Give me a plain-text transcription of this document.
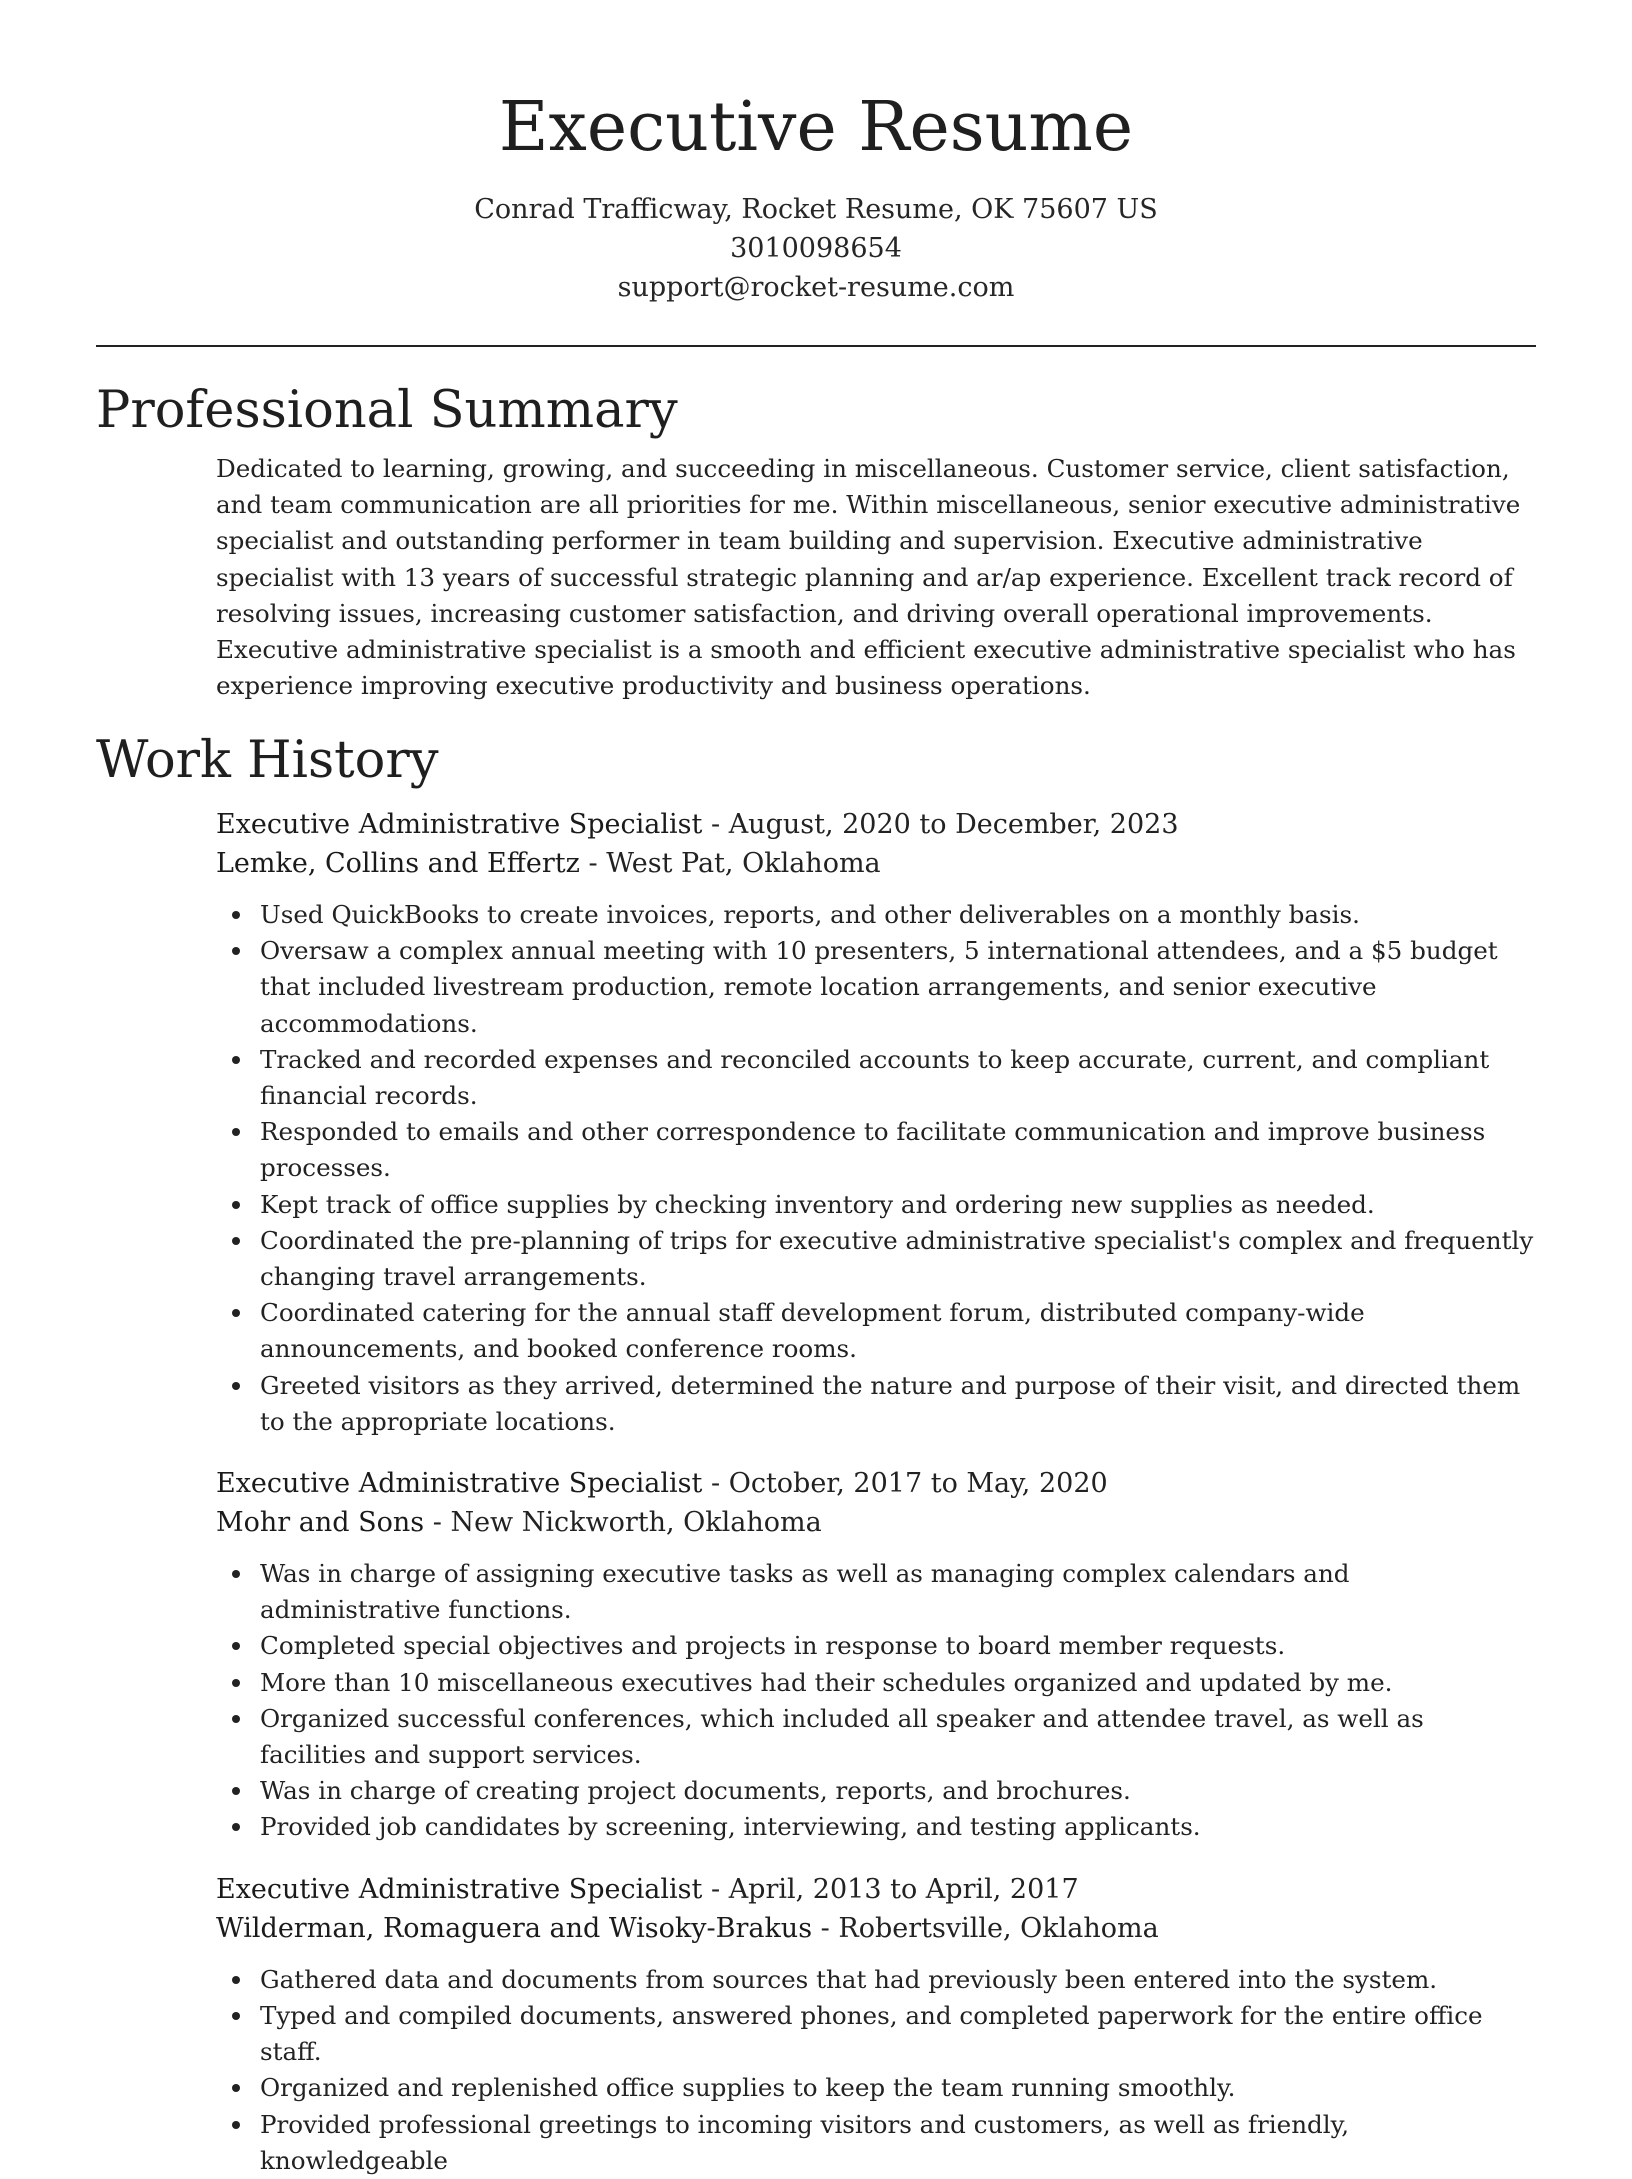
Executive Resume
Conrad Trafficway, Rocket Resume, OK 75607 US
3010098654
support@rocket-resume.com
Professional Summary

Dedicated to learning, growing, and succeeding in miscellaneous. Customer service, client satisfaction, and team communication are all priorities for me. Within miscellaneous, senior executive administrative specialist and outstanding performer in team building and supervision. Executive administrative specialist with 13 years of successful strategic planning and ar/ap experience. Excellent track record of resolving issues, increasing customer satisfaction, and driving overall operational improvements. Executive administrative specialist is a smooth and efficient executive administrative specialist who has experience improving executive productivity and business operations.

Work History
Executive Administrative Specialist - August, 2020 to December, 2023
Lemke, Collins and Effertz - West Pat, Oklahoma
Used QuickBooks to create invoices, reports, and other deliverables on a monthly basis.
Oversaw a complex annual meeting with 10 presenters, 5 international attendees, and a $5 budget that included livestream production, remote location arrangements, and senior executive accommodations.
Tracked and recorded expenses and reconciled accounts to keep accurate, current, and compliant financial records.
Responded to emails and other correspondence to facilitate communication and improve business processes.
Kept track of office supplies by checking inventory and ordering new supplies as needed.
Coordinated the pre-planning of trips for executive administrative specialist's complex and frequently changing travel arrangements.
Coordinated catering for the annual staff development forum, distributed company-wide announcements, and booked conference rooms.
Greeted visitors as they arrived, determined the nature and purpose of their visit, and directed them to the appropriate locations.
Executive Administrative Specialist - October, 2017 to May, 2020
Mohr and Sons - New Nickworth, Oklahoma
Was in charge of assigning executive tasks as well as managing complex calendars and administrative functions.
Completed special objectives and projects in response to board member requests.
More than 10 miscellaneous executives had their schedules organized and updated by me.
Organized successful conferences, which included all speaker and attendee travel, as well as facilities and support services.
Was in charge of creating project documents, reports, and brochures.
Provided job candidates by screening, interviewing, and testing applicants.
Executive Administrative Specialist - April, 2013 to April, 2017
Wilderman, Romaguera and Wisoky-Brakus - Robertsville, Oklahoma
Gathered data and documents from sources that had previously been entered into the system.
Typed and compiled documents, answered phones, and completed paperwork for the entire office staff.
Organized and replenished office supplies to keep the team running smoothly.
Provided professional greetings to incoming visitors and customers, as well as friendly, knowledgeable
